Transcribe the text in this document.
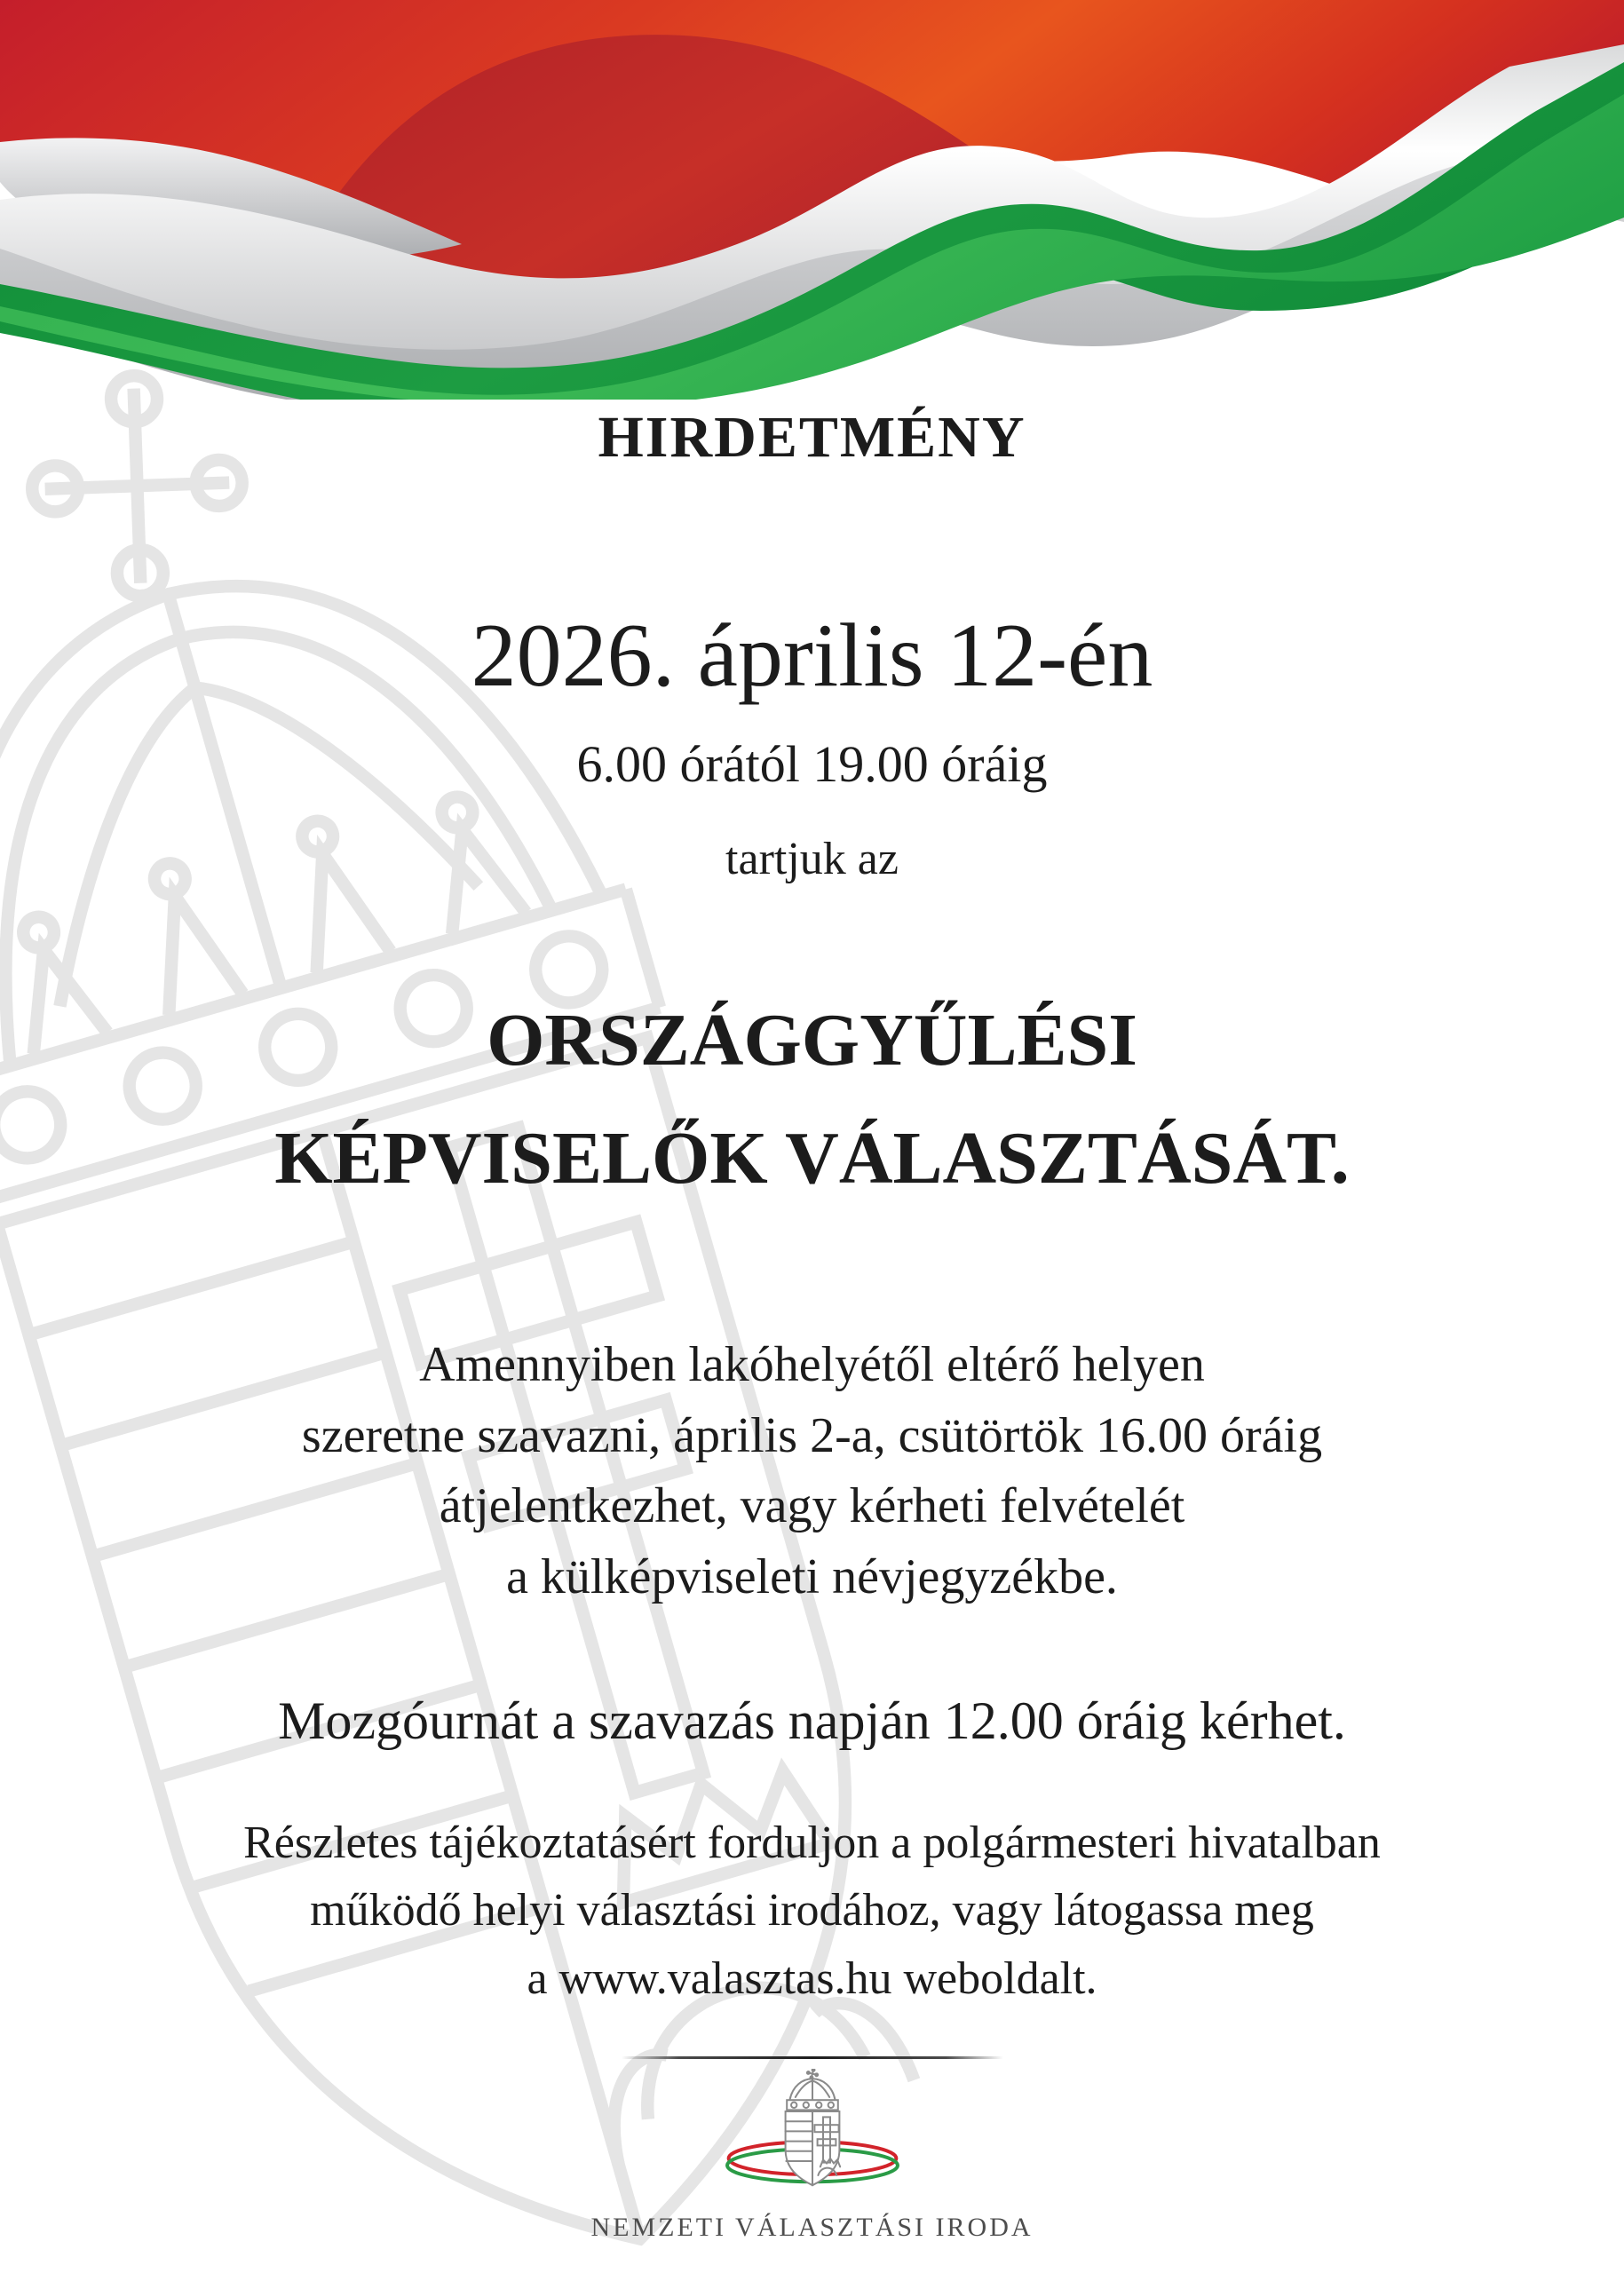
HIRDETMÉNY
2026. április 12-én
6.00 órától 19.00 óráig
tartjuk az
ORSZÁGGYŰLÉSI
KÉPVISELŐK VÁLASZTÁSÁT.
Amennyiben lakóhelyétől eltérő helyen
szeretne szavazni, április 2-a, csütörtök 16.00 óráig
átjelentkezhet, vagy kérheti felvételét
a külképviseleti névjegyzékbe.
Mozgóurnát a szavazás napján 12.00 óráig kérhet.
Részletes tájékoztatásért forduljon a polgármesteri hivatalban
működő helyi választási irodához, vagy látogassa meg
a www.valasztas.hu weboldalt.
NEMZETI VÁLASZTÁSI IRODA
